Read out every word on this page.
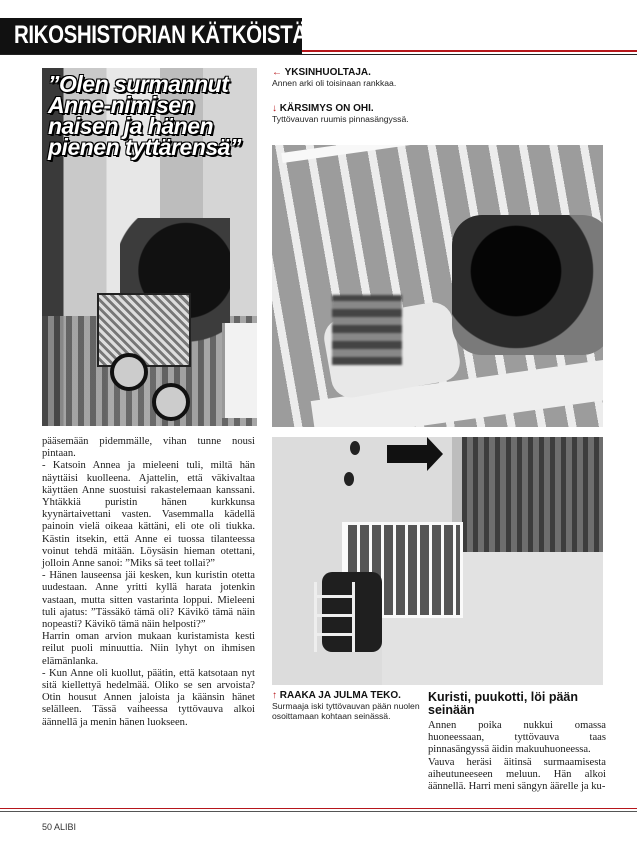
RIKOSHISTORIAN KÄTKÖISTÄ
”Olen surmannut Anne-nimisen naisen ja hänen pienen tyttärensä”
← YKSINHUOLTAJA.
Annen arki oli toisinaan rankkaa.
↓ KÄRSIMYS ON OHI.
Tyttövauvan ruumis pinnasängyssä.
↑ RAAKA JA JULMA TEKO.
Surmaaja iski tyttövauvan pään nuolen osoittamaan kohtaan seinässä.

pääsemään pidemmälle, vihan tunne nousi pintaan.

- Katsoin Annea ja mieleeni tuli, miltä hän näyttäisi kuolleena. Ajattelin, että väkivaltaa käyttäen Anne suostuisi rakastelemaan kanssani. Yhtäkkiä puristin hänen kurkkunsa kyynärtaivettani vasten. Vasemmalla kädellä painoin vielä oikeaa kättäni, eli ote oli tiukka. Kästin itsekin, että Anne ei tuossa tilanteessa voinut tehdä mitään. Löysäsin hieman otettani, jolloin Anne sanoi: ”Miks sä teet tollai?”

- Hänen lauseensa jäi kesken, kun kuristin otetta uudestaan. Anne yritti kyllä harata jotenkin vastaan, mutta sitten vastarinta loppui. Mieleeni tuli ajatus: ”Tässäkö tämä oli? Kävikö tämä näin nopeasti? Kävikö tämä näin helposti?”

Harrin oman arvion mukaan kuristamista kesti reilut puoli minuuttia. Niin lyhyt on ihmisen elämänlanka.

- Kun Anne oli kuollut, päätin, että katsotaan nyt sitä kiellettyä hedelmää. Oliko se sen arvoista? Otin housut Annen jaloista ja käänsin hänet selälleen. Tässä vaiheessa tyttövauva alkoi äännellä ja menin hänen luokseen.

Kuristi, puukotti, löi pään seinään

Annen poika nukkui omassa huoneessaan, tyttövauva taas pinnasängyssä äidin makuuhuoneessa.

Vauva heräsi äitinsä surmaamisesta aiheutuneeseen meluun. Hän alkoi äännellä. Harri meni sängyn äärelle ja ku-

50 ALIBI
